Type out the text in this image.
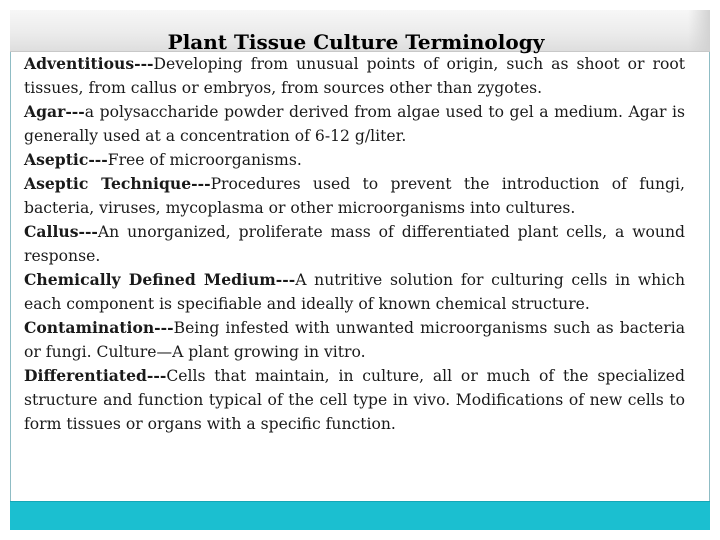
Plant Tissue Culture Terminology

Adventitious---Developing from unusual points of origin, such as shoot or root tissues, from callus or embryos, from sources other than zygotes.

Agar---a polysaccharide powder derived from algae used to gel a medium. Agar is generally used at a concentration of 6-12 g/liter.

Aseptic---Free of microorganisms.

Aseptic Technique---Procedures used to prevent the introduction of fungi, bacteria, viruses, mycoplasma or other microorganisms into cultures.

Callus---An unorganized, proliferate mass of differentiated plant cells, a wound response.

Chemically Defined Medium---A nutritive solution for culturing cells in which each component is specifiable and ideally of known chemical structure.

Contamination---Being infested with unwanted microorganisms such as bacteria or fungi. Culture—A plant growing in vitro.

Differentiated---Cells that maintain, in culture, all or much of the specialized structure and function typical of the cell type in vivo. Modifications of new cells to form tissues or organs with a specific function.
